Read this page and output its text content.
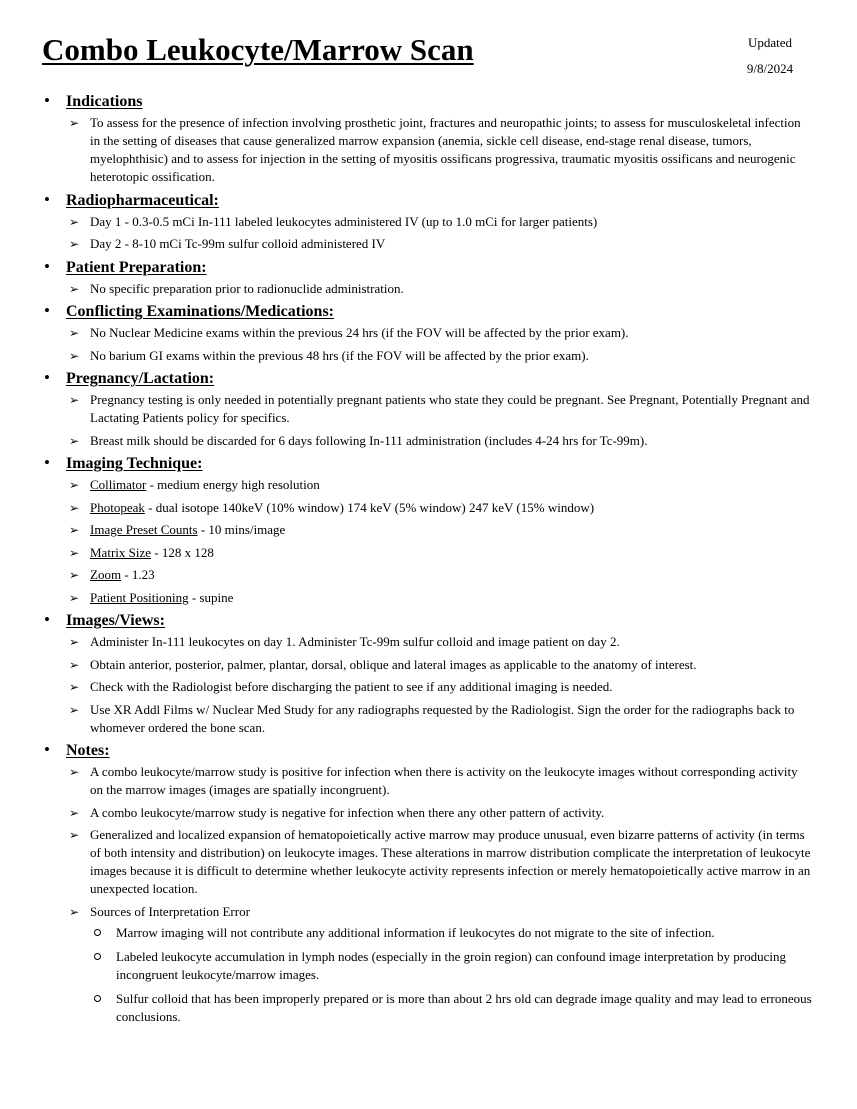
Combo Leukocyte/Marrow Scan	Updated
9/8/2024
•	Indications
➢ To assess for the presence of infection involving prosthetic joint, fractures and neuropathic joints; to assess for musculoskeletal infection in the setting of diseases that cause generalized marrow expansion (anemia, sickle cell disease, end-stage renal disease, tumors, myelophthisic) and to assess for injection in the setting of myositis ossificans progressiva, traumatic myositis ossificans and neurogenic heterotopic ossification.
•	Radiopharmaceutical:
➢ Day 1 - 0.3-0.5 mCi In-111 labeled leukocytes administered IV (up to 1.0 mCi for larger patients)
➢ Day 2 - 8-10 mCi Tc-99m sulfur colloid administered IV
•	Patient Preparation:
➢ No specific preparation prior to radionuclide administration.
•	Conflicting Examinations/Medications:
➢ No Nuclear Medicine exams within the previous 24 hrs (if the FOV will be affected by the prior exam).
➢ No barium GI exams within the previous 48 hrs (if the FOV will be affected by the prior exam).
•	Pregnancy/Lactation:
➢ Pregnancy testing is only needed in potentially pregnant patients who state they could be pregnant. See Pregnant, Potentially Pregnant and Lactating Patients policy for specifics.
➢ Breast milk should be discarded for 6 days following In-111 administration (includes 4-24 hrs for Tc-99m).
•	Imaging Technique:
➢ Collimator - medium energy high resolution
➢ Photopeak - dual isotope 140keV (10% window) 174 keV (5% window) 247 keV (15% window)
➢ Image Preset Counts - 10 mins/image
➢ Matrix Size - 128 x 128
➢ Zoom - 1.23
➢ Patient Positioning - supine
•	Images/Views:
➢ Administer In-111 leukocytes on day 1. Administer Tc-99m sulfur colloid and image patient on day 2.
➢ Obtain anterior, posterior, palmer, plantar, dorsal, oblique and lateral images as applicable to the anatomy of interest.
➢ Check with the Radiologist before discharging the patient to see if any additional imaging is needed.
➢ Use XR Addl Films w/ Nuclear Med Study for any radiographs requested by the Radiologist. Sign the order for the radiographs back to whomever ordered the bone scan.
•	Notes:
➢ A combo leukocyte/marrow study is positive for infection when there is activity on the leukocyte images without corresponding activity on the marrow images (images are spatially incongruent).
➢ A combo leukocyte/marrow study is negative for infection when there any other pattern of activity.
➢ Generalized and localized expansion of hematopoietically active marrow may produce unusual, even bizarre patterns of activity (in terms of both intensity and distribution) on leukocyte images. These alterations in marrow distribution complicate the interpretation of leukocyte images because it is difficult to determine whether leukocyte activity represents infection or merely hematopoietically active marrow in an unexpected location.
➢ Sources of Interpretation Error
Marrow imaging will not contribute any additional information if leukocytes do not migrate to the site of infection.
Labeled leukocyte accumulation in lymph nodes (especially in the groin region) can confound image interpretation by producing incongruent leukocyte/marrow images.
Sulfur colloid that has been improperly prepared or is more than about 2 hrs old can degrade image quality and may lead to erroneous conclusions.
